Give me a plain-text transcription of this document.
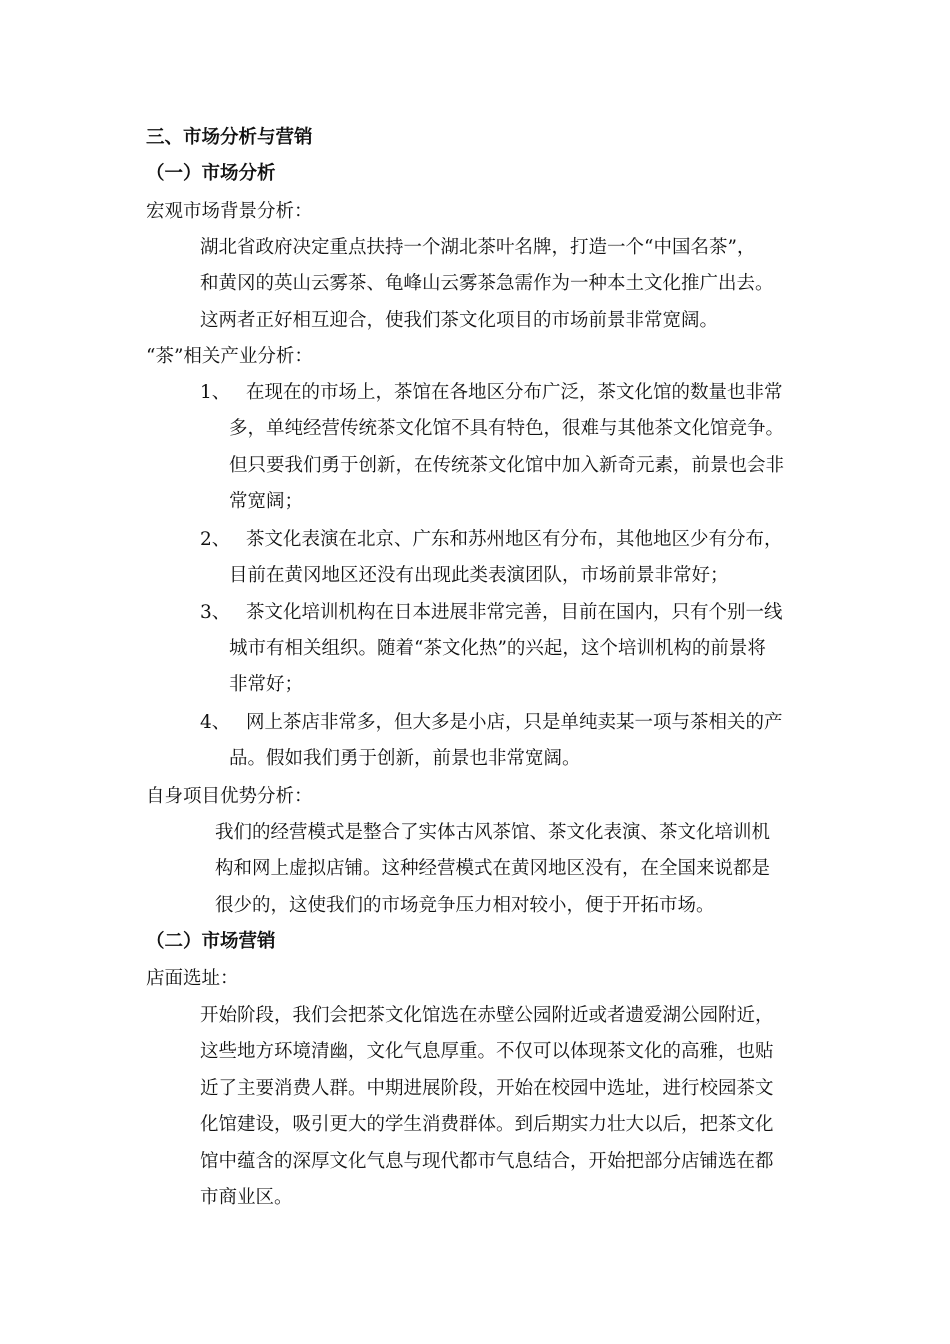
三、市场分析与营销
（一）市场分析
宏观市场背景分析：
湖北省政府决定重点扶持一个湖北茶叶名牌，打造一个“中国名茶”，
和黄冈的英山云雾茶、龟峰山云雾茶急需作为一种本土文化推广出去。
这两者正好相互迎合，使我们茶文化项目的市场前景非常宽阔。
“茶”相关产业分析：
1、 在现在的市场上，茶馆在各地区分布广泛，茶文化馆的数量也非常
多，单纯经营传统茶文化馆不具有特色，很难与其他茶文化馆竞争。
但只要我们勇于创新，在传统茶文化馆中加入新奇元素，前景也会非
常宽阔；
2、 茶文化表演在北京、广东和苏州地区有分布，其他地区少有分布，
目前在黄冈地区还没有出现此类表演团队，市场前景非常好；
3、 茶文化培训机构在日本进展非常完善，目前在国内，只有个别一线
城市有相关组织。随着“茶文化热”的兴起，这个培训机构的前景将
非常好；
4、 网上茶店非常多，但大多是小店，只是单纯卖某一项与茶相关的产
品。假如我们勇于创新，前景也非常宽阔。
自身项目优势分析：
我们的经营模式是整合了实体古风茶馆、茶文化表演、茶文化培训机
构和网上虚拟店铺。这种经营模式在黄冈地区没有，在全国来说都是
很少的，这使我们的市场竞争压力相对较小，便于开拓市场。
（二）市场营销
店面选址：
开始阶段，我们会把茶文化馆选在赤壁公园附近或者遗爱湖公园附近，
这些地方环境清幽，文化气息厚重。不仅可以体现茶文化的高雅，也贴
近了主要消费人群。中期进展阶段，开始在校园中选址，进行校园茶文
化馆建设，吸引更大的学生消费群体。到后期实力壮大以后，把茶文化
馆中蕴含的深厚文化气息与现代都市气息结合，开始把部分店铺选在都
市商业区。
